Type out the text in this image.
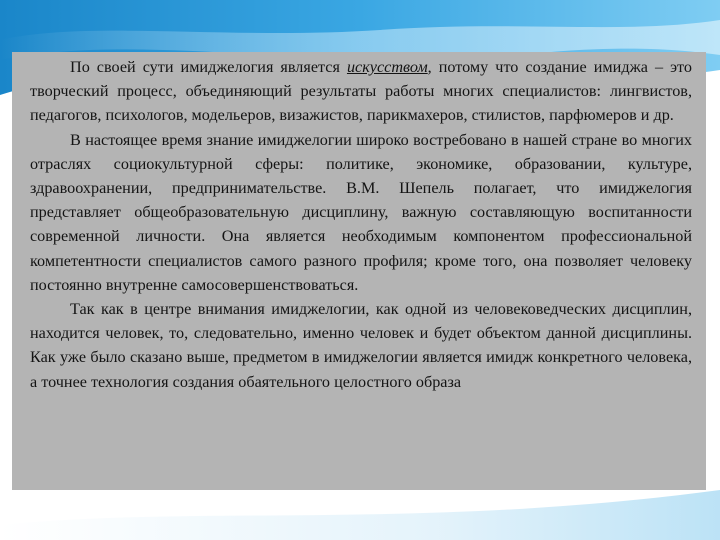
По своей сути имиджелогия является искусством, потому что создание имиджа – это творческий процесс, объединяющий результаты работы многих специалистов: лингвистов, педагогов, психологов, модельеров, визажистов, парикмахеров, стилистов, парфюмеров и др.

В настоящее время знание имиджелогии широко востребовано в нашей стране во многих отраслях социокультурной сферы: политике, экономике, образовании, культуре, здравоохранении, предпринимательстве. В.М. Шепель полагает, что имиджелогия представляет общеобразовательную дисциплину, важную составляющую воспитанности современной личности. Она является необходимым компонентом профессиональной компетентности специалистов самого разного профиля; кроме того, она позволяет человеку постоянно внутренне самосовершенствоваться.

Так как в центре внимания имиджелогии, как одной из человековедческих дисциплин, находится человек, то, следовательно, именно человек и будет объектом данной дисциплины. Как уже было сказано выше, предметом в имиджелогии является имидж конкретного человека, а точнее технология создания обаятельного целостного образа
